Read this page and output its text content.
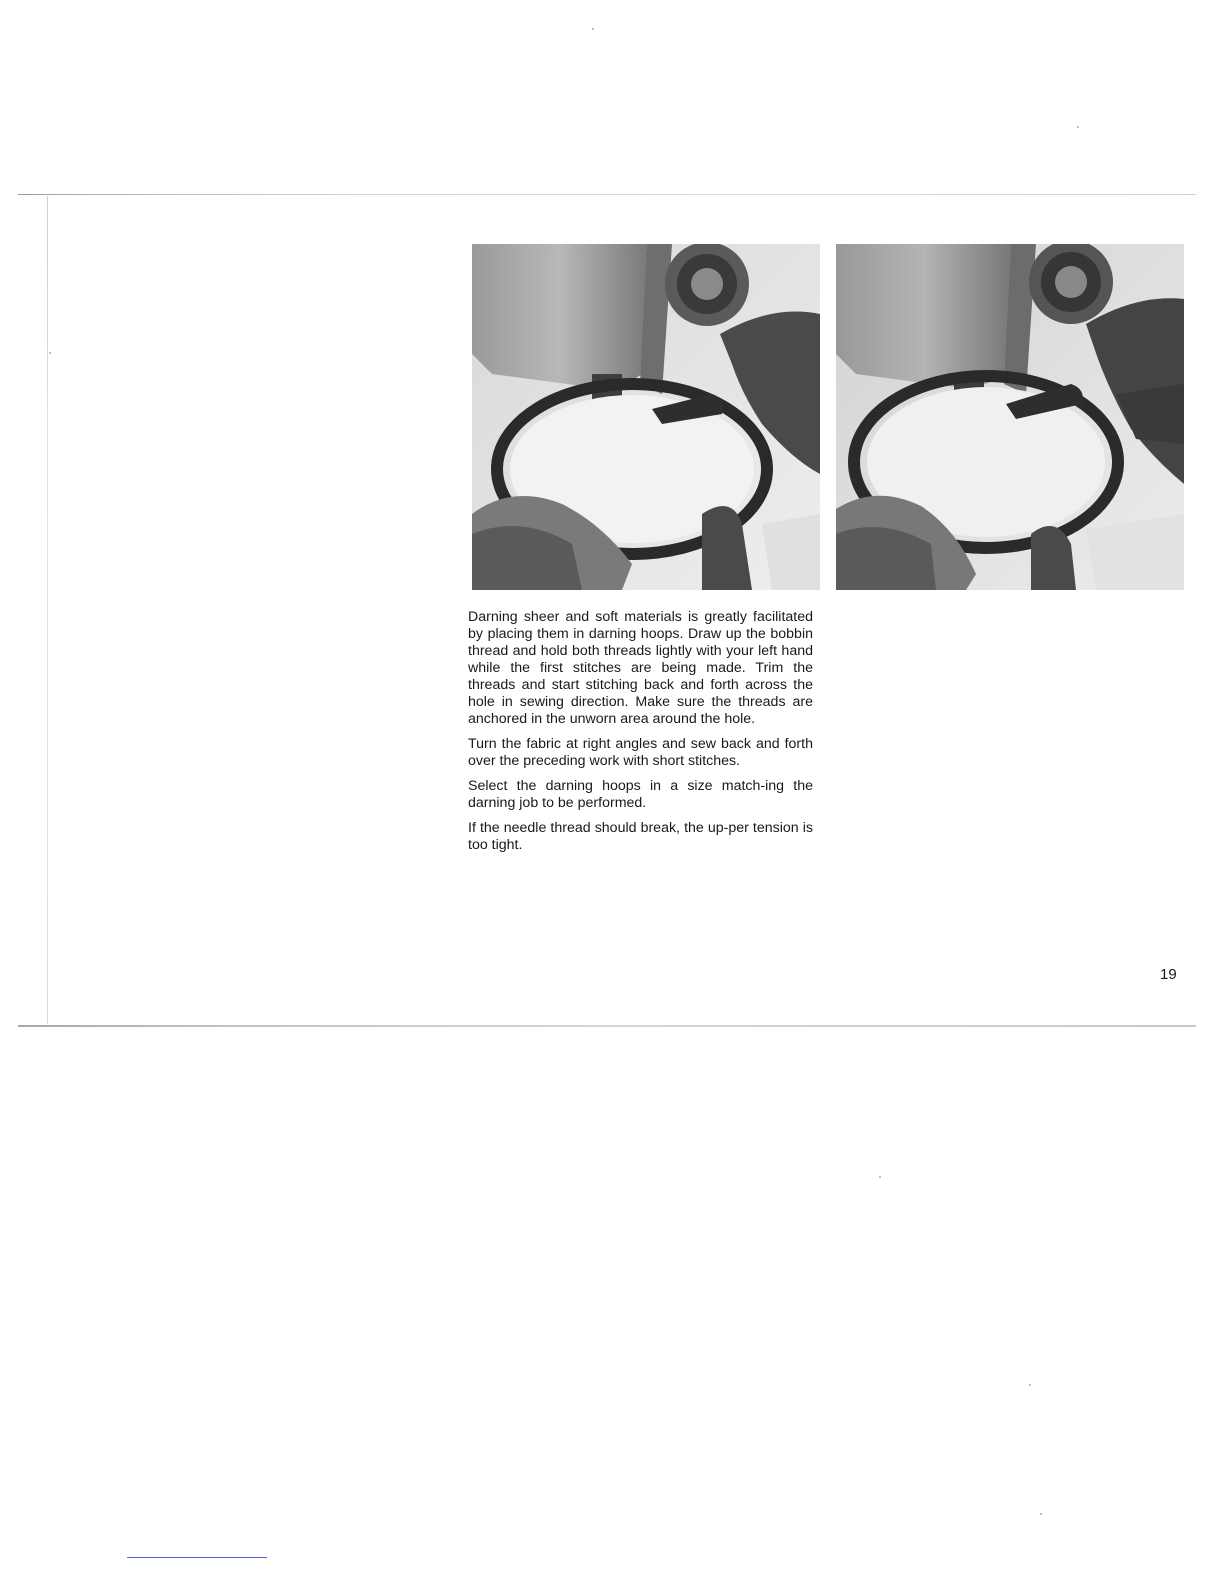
Darning sheer and soft materials is greatly facilitated by placing them in darning hoops. Draw up the bobbin thread and hold both threads lightly with your left hand while the first stitches are being made. Trim the threads and start stitching back and forth across the hole in sewing direction. Make sure the threads are anchored in the unworn area around the hole.

Turn the fabric at right angles and sew back and forth over the preceding work with short stitches.

Select the darning hoops in a size match-ing the darning job to be performed.

If the needle thread should break, the up-per tension is too tight.

19
